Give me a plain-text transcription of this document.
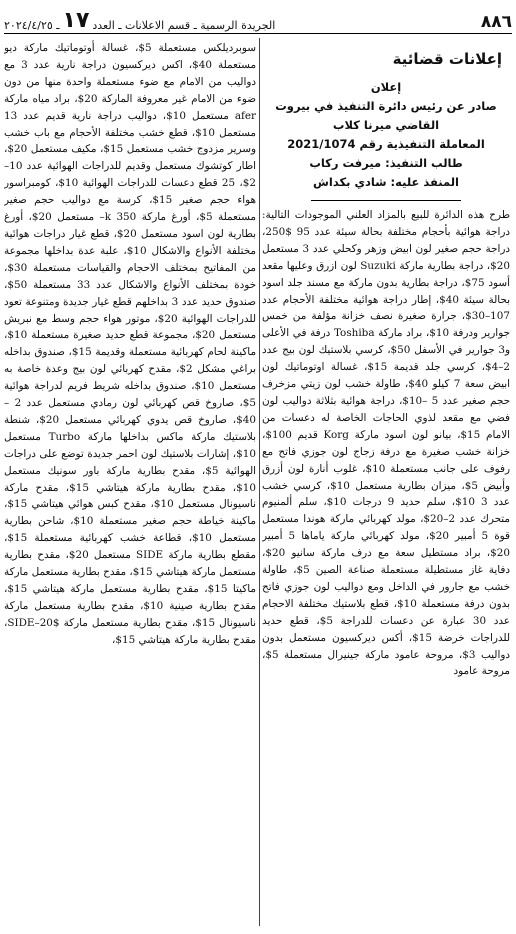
٨٨٦
الجريدة الرسمية ـ قسم الاعلانات ـ العدد
١٧
ـ ٢٠٢٤/٤/٢٥
إعلانات قضائية
إعلان
صادر عن رئيس دائرة التنفيذ في بيروت
القاضي ميرنا كلاب
المعاملة التنفيذية رقم 2021/1074
طالب التنفيذ: ميرفت ركاب
المنفذ عليه: شادي بكداش

طرح هذه الدائرة للبيع بالمزاد العلني الموجودات التالية: دراجة هوائية بأحجام مختلفة بحالة سيئة عدد 95 $250، دراجة حجم صغير لون ابيض وزهر وكحلي عدد 3 مستعمل 20$، دراجة بطارية ماركة Suzuki لون ازرق وعليها مقعد أسود 75$، دراجة بطارية بدون ماركة مع مسند جلد اسود بحالة سيئة 40$، إطار دراجة هوائية مختلفة الأحجام عدد 107–30$، جرارة صغيرة نصف خزانة مؤلفة من خمس جوارير ودرفة 10$، براد ماركة Toshiba درفة في الأعلى و3 جوارير في الأسفل 50$، كرسي بلاستيك لون بيج عدد 2–4$، كرسي جلد قديمة 15$، غسالة اوتوماتيك لون ابيض سعة 7 كيلو 40$، طاولة خشب لون زيتي مزخرف حجم صغير عدد 5 –10$، دراجة هوائية بثلاثة دواليب لون فضي مع مقعد لذوي الحاجات الخاصة له دعسات من الامام 15$، بيانو لون اسود ماركة Korg قديم 100$، خزانة خشب صغيرة مع درفة زجاج لون جوزي فاتح مع رفوف على جانب مستعملة 10$، غلوب أنارة لون أزرق وأبيض 5$، ميزان بطارية مستعمل 10$، كرسي خشب عدد 3 10$، سلم حديد 9 درجات 10$، سلم ألمنيوم متحرك عدد 2–20$، مولد كهربائي ماركة هوندا مستعمل قوة 5 أمبير 20$، مولد كهربائي ماركة ياماها 5 أمبير 20$، براد مستطيل سعة مع درف ماركة سانيو 20$، دفاية غاز مستطيلة مستعملة صناعة الصين 5$، طاولة خشب مع جارور في الداخل ومع دواليب لون جوزي فاتح بدون درفة مستعملة 10$، قطع بلاستيك مختلفة الاحجام عدد 30 عبارة عن دعسات للدراجة 5$، قطع حديد للدراجات خرضة 15$، أكس ديركسيون مستعمل بدون دواليب 3$، مروحة عامود ماركة جينيرال مستعملة 5$، مروحة عامود

سوبرديلكس مستعملة 5$، غسالة أوتوماتيك ماركة ديو مستعملة 40$، اكس ديركسيون دراجة نارية عدد 3 مع دواليب من الامام مع ضوء مستعملة واحدة منها من دون ضوء من الامام غير معروفة الماركة 20$، براد مياه ماركة afer مستعمل 10$، دواليب دراجة نارية قديم عدد 13 مستعمل 10$، قطع خشب مختلفة الأحجام مع باب خشب وسرير مزدوج خشب مستعمل 15$، مكيف مستعمل 20$، اطار كوتشوك مستعمل وقديم للدراجات الهوائية عدد 10–2$، 25 قطع دعسات للدراجات الهوائية 10$، كومبراسور هواء حجم صغير 15$، كرسة مع دواليب حجم صغير مستعملة 5$، أورغ ماركة 350 k– مستعمل 20$، أورغ بطارية لون اسود مستعمل 20$، قطع غيار دراجات هوائية مختلفة الأنواع والاشكال 10$، علبة عدة بداخلها مجموعة من المفاتيح بمختلف الاحجام والقياسات مستعملة 30$، خودة بمختلف الأنواع والاشكال عدد 33 مستعملة 50$، صندوق حديد عدد 3 بداخلهم قطع غيار جديدة ومتنوعة تعود للدراجات الهوائية 20$، موتور هواء حجم وسط مع نبريش مستعمل 20$، مجموعة قطع حديد صغيرة مستعملة 10$، ماكينة لحام كهربائية مستعملة وقديمة 15$، صندوق بداخله براغي مشكل 2$، مقدح كهربائي لون بيج وعدة خاصة به مستعمل 10$، صندوق بداخله شريط فريم لدراجة هوائية 5$، صاروخ قص كهربائي لون رمادي مستعمل عدد 2 –40$، صاروخ قص يدوي كهربائي مستعمل 20$، شنطة بلاستيك ماركة ماكس بداخلها ماركة Turbo مستعمل 10$، إشارات بلاستيك لون احمر جديدة توضع على دراجات الهوائية 5$، مقدح بطارية ماركة باور سونيك مستعمل 10$، مقدح بطارية ماركة هيتاشي 15$، مقدح ماركة ناسيونال مستعمل 10$، مقدح كبس هوائي هيتاشي 15$، ماكينة خياطة حجم صغير مستعملة 10$، شاحن بطارية مستعمل 10$، قطاعة خشب كهربائية مستعملة 15$، مقطع بطارية ماركة SIDE مستعمل 20$، مقدح بطارية مستعمل ماركة هيتاشي 15$، مقدح بطارية مستعمل ماركة ماكيتا 15$، مقدح بطارية مستعمل ماركة هيتاشي 15$، مقدح بطارية صينية 10$، مقدح بطارية مستعمل ماركة ناسيونال 15$، مقدح بطارية مستعمل ماركة SIDE–20$، مقدح بطارية ماركة هيتاشي 15$،
